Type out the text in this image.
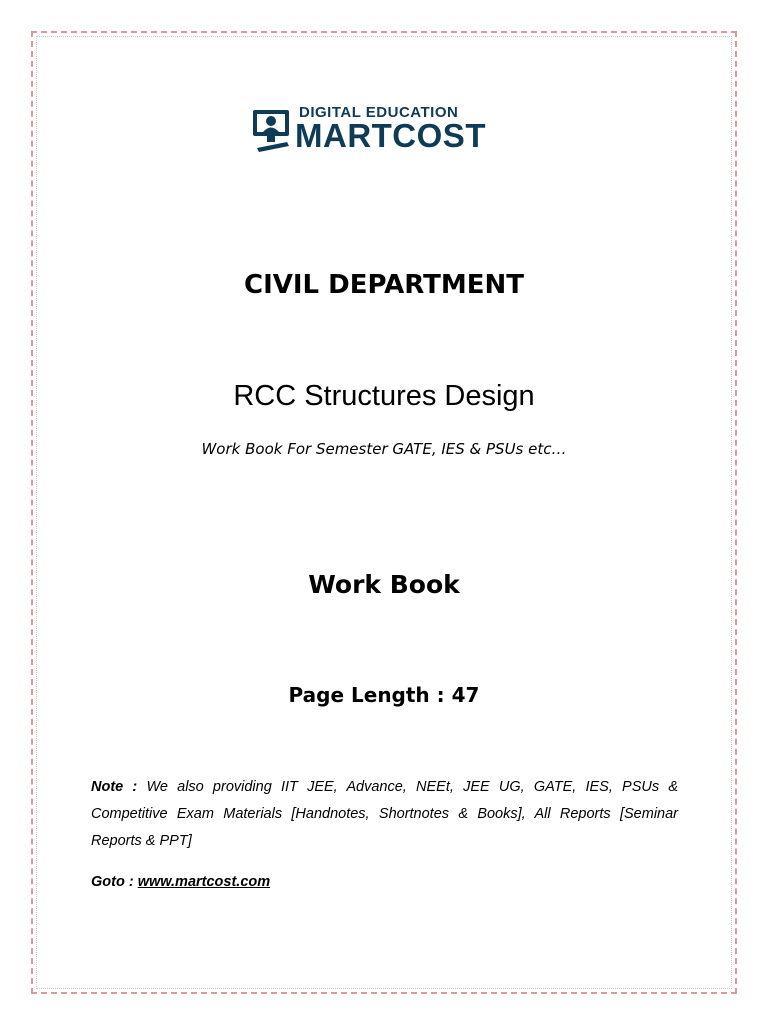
DIGITAL EDUCATION
MARTCOST
CIVIL DEPARTMENT
RCC Structures Design
Work Book For Semester GATE, IES & PSUs etc…
Work Book
Page Length : 47
Note : We also providing IIT JEE, Advance, NEEt, JEE UG, GATE, IES, PSUs & Competitive Exam Materials [Handnotes, Shortnotes & Books], All Reports [Seminar Reports & PPT]
Goto : www.martcost.com
